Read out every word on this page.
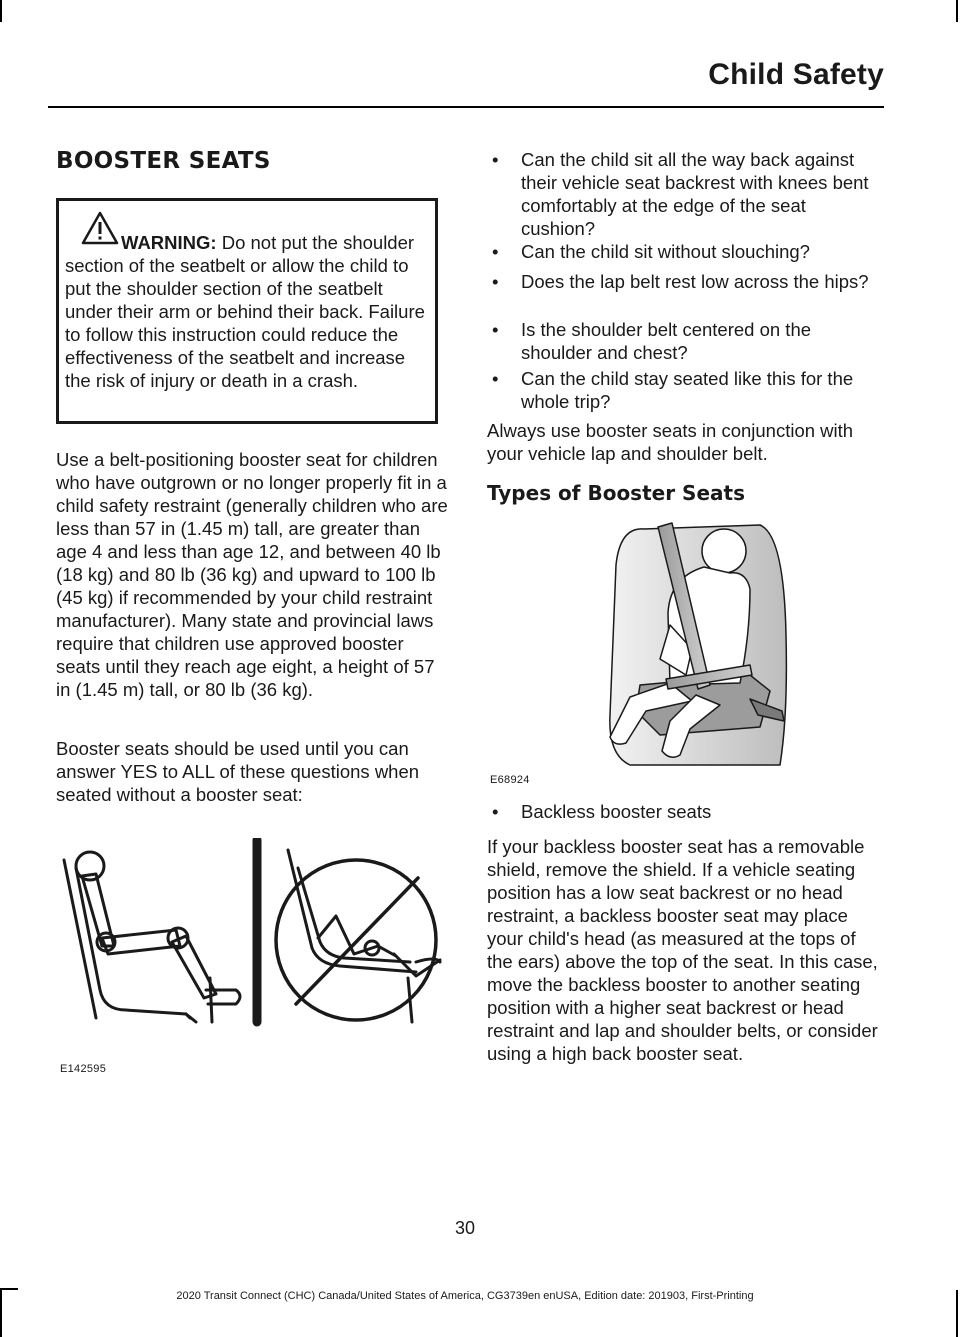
Child Safety
BOOSTER SEATS

WARNING: Do not put the shoulder section of the seatbelt or allow the child to put the shoulder section of the seatbelt under their arm or behind their back. Failure to follow this instruction could reduce the effectiveness of the seatbelt and increase the risk of injury or death in a crash.

Use a belt-positioning booster seat for children who have outgrown or no longer properly fit in a child safety restraint (generally children who are less than 57 in (1.45 m) tall, are greater than age 4 and less than age 12, and between 40 lb (18 kg) and 80 lb (36 kg) and upward to 100 lb (45 kg) if recommended by your child restraint manufacturer). Many state and provincial laws require that children use approved booster seats until they reach age eight, a height of 57 in (1.45 m) tall, or 80 lb (36 kg).

Booster seats should be used until you can answer YES to ALL of these questions when seated without a booster seat:

E142595
•	Can the child sit all the way back against their vehicle seat backrest with knees bent comfortably at the edge of the seat cushion?
•	Can the child sit without slouching?
•	Does the lap belt rest low across the hips?
•	Is the shoulder belt centered on the shoulder and chest?
•	Can the child stay seated like this for the whole trip?

Always use booster seats in conjunction with your vehicle lap and shoulder belt.

Types of Booster Seats
E68924
•	Backless booster seats

If your backless booster seat has a removable shield, remove the shield. If a vehicle seating position has a low seat backrest or no head restraint, a backless booster seat may place your child's head (as measured at the tops of the ears) above the top of the seat. In this case, move the backless booster to another seating position with a higher seat backrest or head restraint and lap and shoulder belts, or consider using a high back booster seat.

30
2020 Transit Connect (CHC) Canada/United States of America, CG3739en enUSA, Edition date: 201903, First-Printing
